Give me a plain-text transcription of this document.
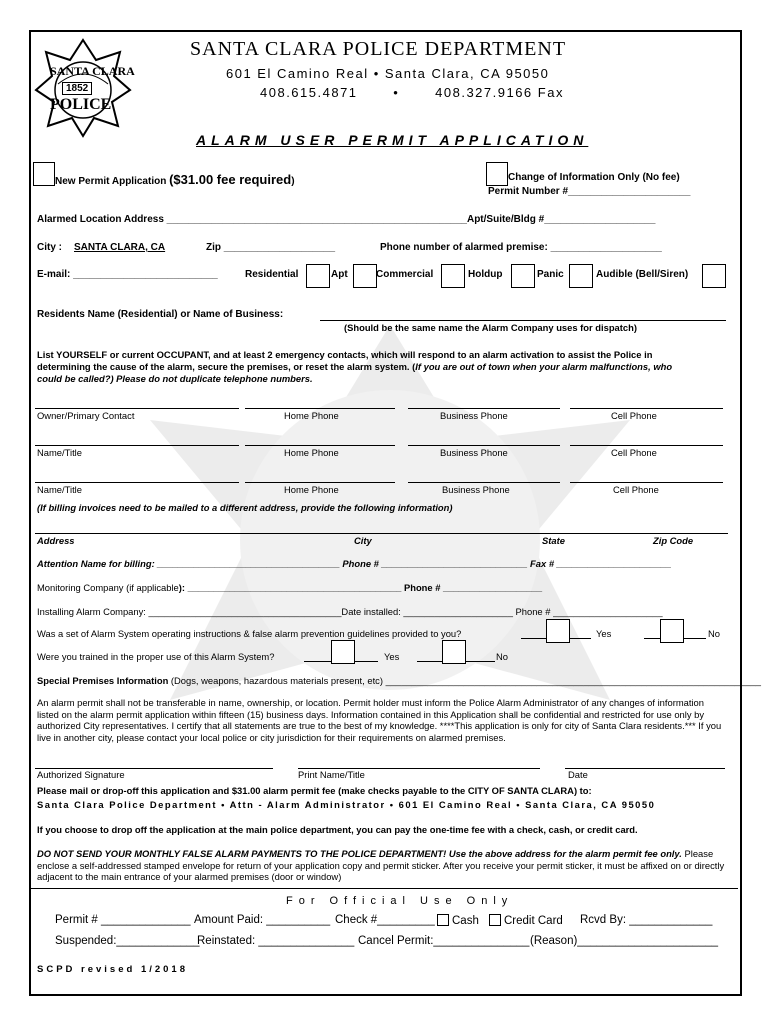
SANTA CLARA
1852
POLICE
SANTA CLARA POLICE DEPARTMENT
601 El Camino Real • Santa Clara, CA 95050
408.615.4871       •       408.327.9166 Fax
ALARM USER PERMIT APPLICATION
New Permit Application ($31.00 fee required)	Change of Information Only (No fee)
Permit Number #______________________
Alarmed Location Address ______________________________________________________Apt/Suite/Bldg #____________________
City : SANTA CLARA, CA	Zip ____________________	Phone number of alarmed premise: ____________________
E-mail: __________________________	Residential	Apt	Commercial	Holdup	Panic	Audible (Bell/Siren)
Residents Name (Residential) or Name of Business:
(Should be the same name the Alarm Company uses for dispatch)
List YOURSELF or current OCCUPANT, and at least 2 emergency contacts, which will respond to an alarm activation to assist the Police in
determining the cause of the alarm, secure the premises, or reset the alarm system. (If you are out of town when your alarm malfunctions, who
could be called?) Please do not duplicate telephone numbers.
Owner/Primary Contact	Home Phone	Business Phone	Cell Phone
Name/Title	Home Phone	Business Phone	Cell Phone
Name/Title	Home Phone	Business Phone	Cell Phone
(If billing invoices need to be mailed to a different address, provide the following information)
Address	City	State	Zip Code
Attention Name for billing: ___________________________________ Phone # ____________________________ Fax # ______________________
Monitoring Company (if applicable): _________________________________________ Phone # ___________________
Installing Alarm Company: _____________________________________Date installed: _____________________ Phone # _____________________
Was a set of Alarm System operating instructions & false alarm prevention guidelines provided to you?	Yes	No
Were you trained in the proper use of this Alarm System?	Yes	No
Special Premises Information (Dogs, weapons, hazardous materials present, etc) ________________________________________________________________________
An alarm permit shall not be transferable in name, ownership, or location. Permit holder must inform the Police Alarm Administrator of any changes of information listed on the alarm permit application within fifteen (15) business days. Information contained in this Application shall be confidential and restricted for use only by authorized City representatives. I certify that all statements are true to the best of my knowledge. ****This application is only for city of Santa Clara residents.*** If you live in another city, please contact your local police or city jurisdiction for their requirements on alarmed premises.
Authorized Signature	Print Name/Title	Date
Please mail or drop-off this application and $31.00 alarm permit fee (make checks payable to the CITY OF SANTA CLARA) to:
Santa Clara Police Department • Attn - Alarm Administrator • 601 El Camino Real • Santa Clara, CA 95050
If you choose to drop off the application at the main police department, you can pay the one-time fee with a check, cash, or credit card.
DO NOT SEND YOUR MONTHLY FALSE ALARM PAYMENTS TO THE POLICE DEPARTMENT! Use the above address for the alarm permit fee only. Please enclose a self-addressed stamped envelope for return of your application copy and permit sticker. After you receive your permit sticker, it must be affixed on or directly adjacent to the main entrance of your alarmed premises (door or window)
For Official Use Only
Permit # ______________ Amount Paid: __________ Check #_________	Cash	Credit Card Rcvd By: _____________
Suspended:_____________
Reinstated: _______________ Cancel Permit:_______________ (Reason)______________________
SCPD revised 1/2018
